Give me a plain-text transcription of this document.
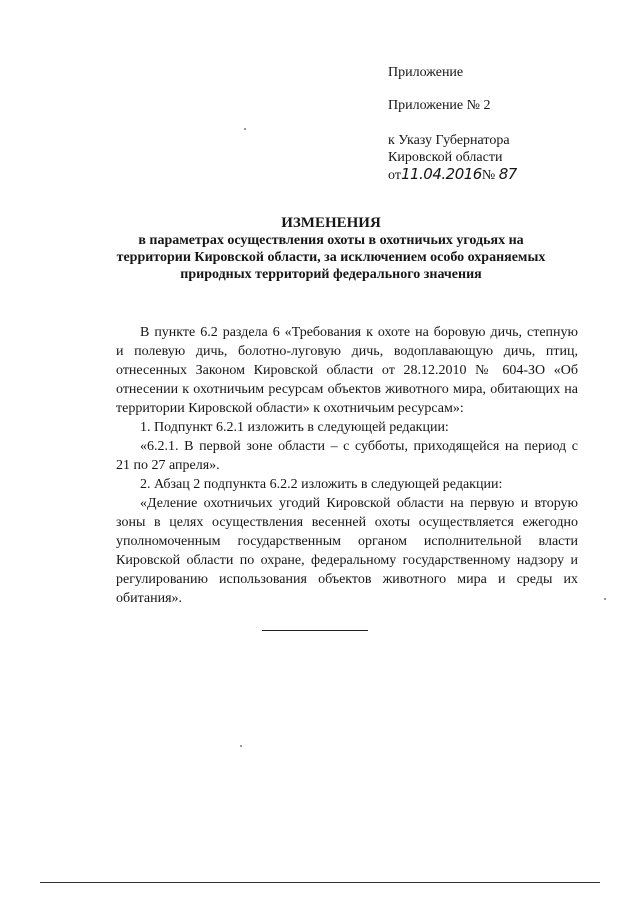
Приложение
Приложение № 2
к Указу Губернатора
Кировской области
от11.04.2016№ 87
ИЗМЕНЕНИЯ
в параметрах осуществления охоты в охотничьих угодьях на
территории Кировской области, за исключением особо охраняемых
природных территорий федерального значения
В пункте 6.2 раздела 6 «Требования к охоте на боровую дичь, степную
и полевую дичь, болотно-луговую дичь, водоплавающую дичь, птиц,
отнесенных Законом Кировской области от 28.12.2010 № 604-ЗО «Об
отнесении к охотничьим ресурсам объектов животного мира, обитающих на
территории Кировской области» к охотничьим ресурсам»:
1. Подпункт 6.2.1 изложить в следующей редакции:
«6.2.1. В первой зоне области – с субботы, приходящейся на период с
21 по 27 апреля».
2. Абзац 2 подпункта 6.2.2 изложить в следующей редакции:
«Деление охотничьих угодий Кировской области на первую и вторую
зоны в целях осуществления весенней охоты осуществляется ежегодно
уполномоченным государственным органом исполнительной власти
Кировской области по охране, федеральному государственному надзору и
регулированию использования объектов животного мира и среды их
обитания».
